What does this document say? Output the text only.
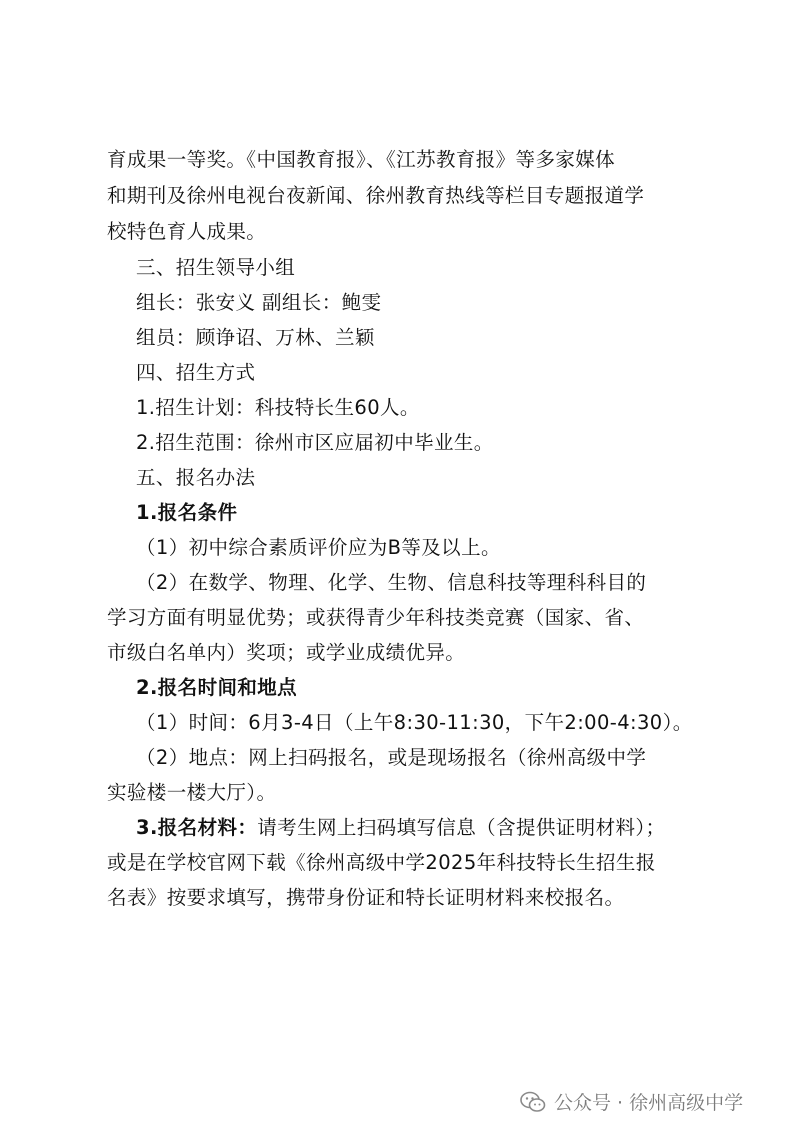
育成果一等奖。《中国教育报》、《江苏教育报》等多家媒体
和期刊及徐州电视台夜新闻、徐州教育热线等栏目专题报道学
校特色育人成果。
三、招生领导小组
组长：张安义 副组长：鲍雯
组员：顾诤诏、万林、兰颖
四、招生方式
1.招生计划：科技特长生60人。
2.招生范围：徐州市区应届初中毕业生。
五、报名办法
1.报名条件
（1）初中综合素质评价应为B等及以上。
（2）在数学、物理、化学、生物、信息科技等理科科目的
学习方面有明显优势；或获得青少年科技类竞赛（国家、省、
市级白名单内）奖项；或学业成绩优异。
2.报名时间和地点
（1）时间：6月3-4日（上午8:30-11:30，下午2:00-4:30）。
（2）地点：网上扫码报名，或是现场报名（徐州高级中学
实验楼一楼大厅）。
3.报名材料：请考生网上扫码填写信息（含提供证明材料）；
或是在学校官网下载《徐州高级中学2025年科技特长生招生报
名表》按要求填写，携带身份证和特长证明材料来校报名。
公众号 · 徐州高级中学
